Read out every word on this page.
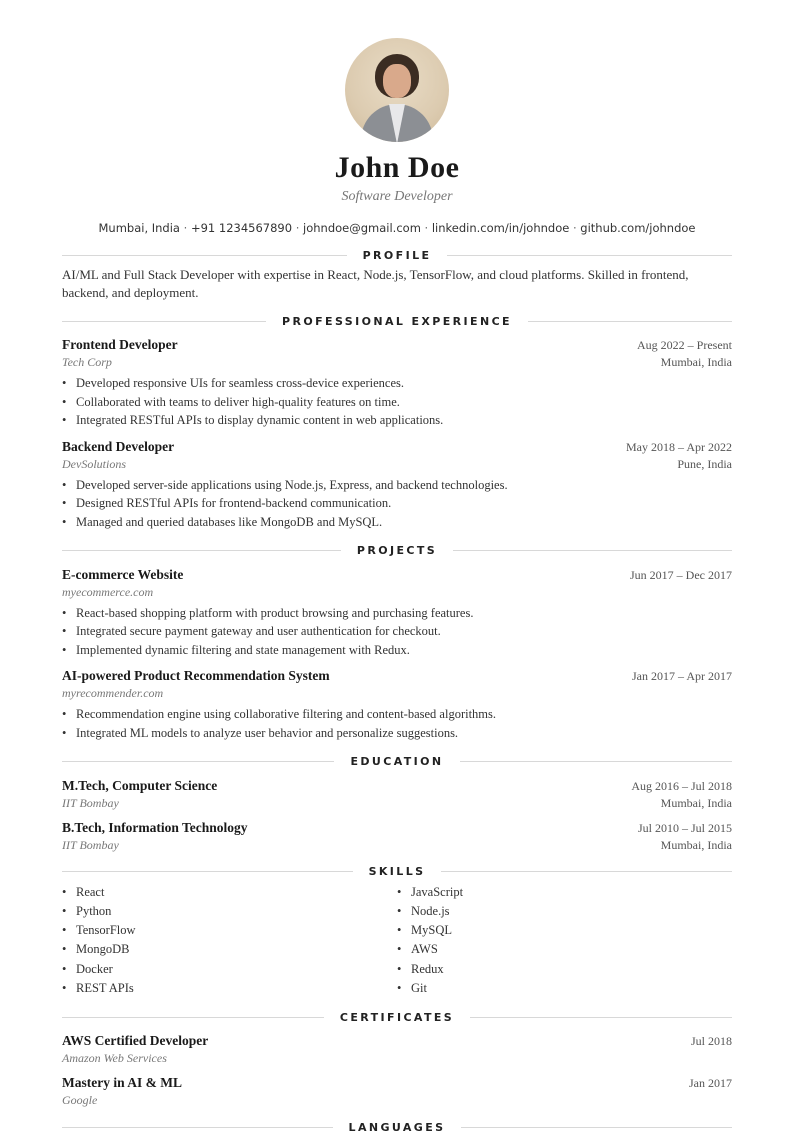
John Doe
Software Developer
Mumbai, India · +91 1234567890 · johndoe@gmail.com · linkedin.com/in/johndoe · github.com/johndoe
PROFILE
AI/ML and Full Stack Developer with expertise in React, Node.js, TensorFlow, and cloud platforms. Skilled in frontend, backend, and deployment.
PROFESSIONAL EXPERIENCE
Frontend Developer	Aug 2022 – Present
Tech Corp	Mumbai, India
• Developed responsive UIs for seamless cross-device experiences.
• Collaborated with teams to deliver high-quality features on time.
• Integrated RESTful APIs to display dynamic content in web applications.
Backend Developer	May 2018 – Apr 2022
DevSolutions	Pune, India
• Developed server-side applications using Node.js, Express, and backend technologies.
• Designed RESTful APIs for frontend-backend communication.
• Managed and queried databases like MongoDB and MySQL.
PROJECTS
E-commerce Website	Jun 2017 – Dec 2017
myecommerce.com
• React-based shopping platform with product browsing and purchasing features.
• Integrated secure payment gateway and user authentication for checkout.
• Implemented dynamic filtering and state management with Redux.
AI-powered Product Recommendation System	Jan 2017 – Apr 2017
myrecommender.com
• Recommendation engine using collaborative filtering and content-based algorithms.
• Integrated ML models to analyze user behavior and personalize suggestions.
EDUCATION
M.Tech, Computer Science	Aug 2016 – Jul 2018
IIT Bombay	Mumbai, India
B.Tech, Information Technology	Jul 2010 – Jul 2015
IIT Bombay	Mumbai, India
SKILLS
• React
• Python
• TensorFlow
• MongoDB
• Docker
• REST APIs
• JavaScript
• Node.js
• MySQL
• AWS
• Redux
• Git
CERTIFICATES
AWS Certified Developer	Jul 2018
Amazon Web Services
Mastery in AI & ML	Jan 2017
Google
LANGUAGES
